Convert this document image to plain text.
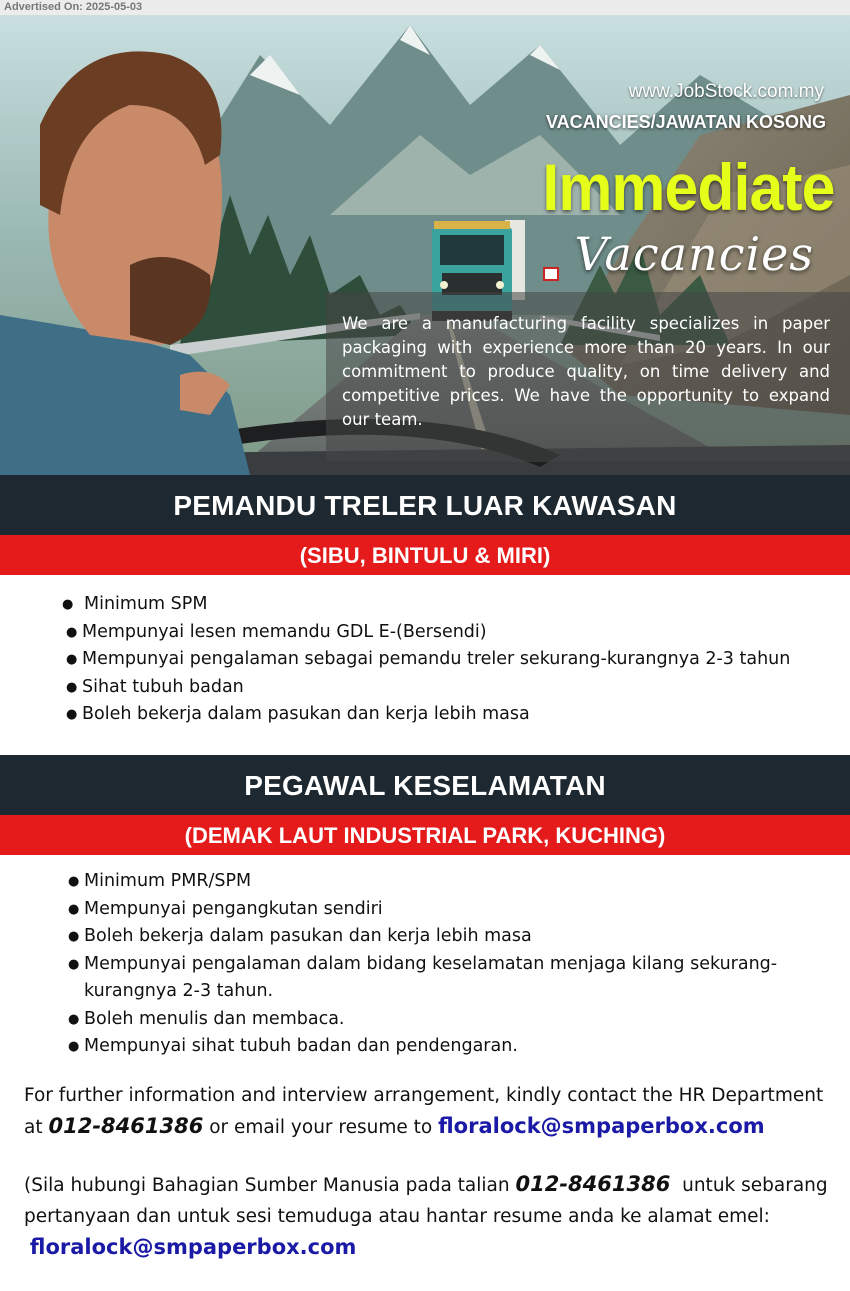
Advertised On: 2025-05-03
www.JobStock.com.my
VACANCIES/JAWATAN KOSONG
Immediate
Vacancies
We are a manufacturing facility specializes in paper packaging with experience more than 20 years. In our commitment to produce quality, on time delivery and competitive prices. We have the opportunity to expand our team.
PEMANDU TRELER LUAR KAWASAN
(SIBU, BINTULU & MIRI)
● Minimum SPM
● Mempunyai lesen memandu GDL E-(Bersendi)
● Mempunyai pengalaman sebagai pemandu treler sekurang-kurangnya 2-3 tahun
● Sihat tubuh badan
● Boleh bekerja dalam pasukan dan kerja lebih masa
PEGAWAL KESELAMATAN
(DEMAK LAUT INDUSTRIAL PARK, KUCHING)
● Minimum PMR/SPM
● Mempunyai pengangkutan sendiri
● Boleh bekerja dalam pasukan dan kerja lebih masa
● Mempunyai pengalaman dalam bidang keselamatan menjaga kilang sekurang-kurangnya 2-3 tahun.
● Boleh menulis dan membaca.
● Mempunyai sihat tubuh badan dan pendengaran.
For further information and interview arrangement, kindly contact the HR Department at 012-8461386 or email your resume to floralock@smpaperbox.com
(Sila hubungi Bahagian Sumber Manusia pada talian 012-8461386 untuk sebarang pertanyaan dan untuk sesi temuduga atau hantar resume anda ke alamat emel:
floralock@smpaperbox.com
